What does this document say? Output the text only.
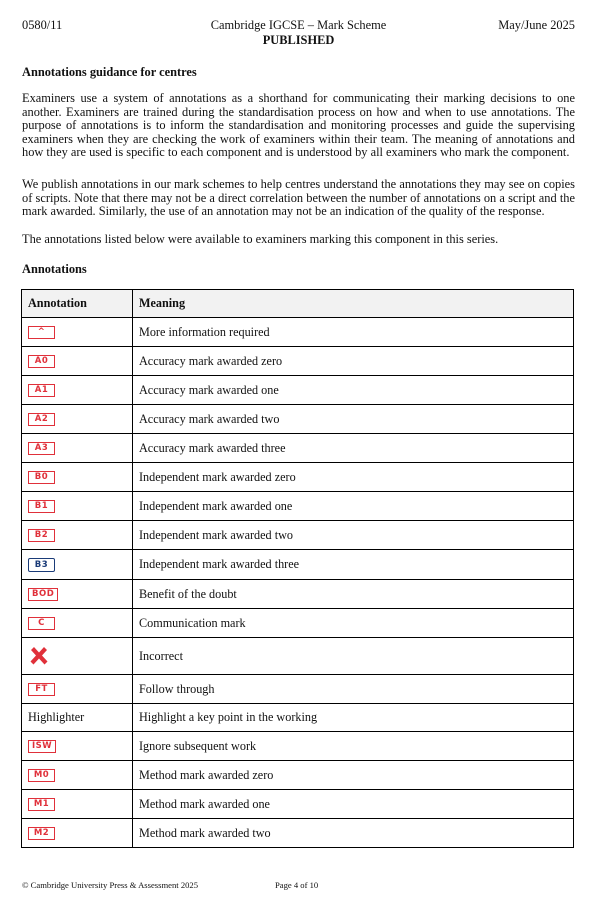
0580/11	Cambridge IGCSE – Mark Scheme
PUBLISHED
May/June 2025
Annotations guidance for centres
Examiners use a system of annotations as a shorthand for communicating their marking decisions to one another. Examiners are trained during the standardisation process on how and when to use annotations. The purpose of annotations is to inform the standardisation and monitoring processes and guide the supervising examiners when they are checking the work of examiners within their team. The meaning of annotations and how they are used is specific to each component and is understood by all examiners who mark the component.
We publish annotations in our mark schemes to help centres understand the annotations they may see on copies of scripts. Note that there may not be a direct correlation between the number of annotations on a script and the mark awarded. Similarly, the use of an annotation may not be an indication of the quality of the response.
The annotations listed below were available to examiners marking this component in this series.
Annotations
Annotation	Meaning
^	More information required
A0	Accuracy mark awarded zero
A1	Accuracy mark awarded one
A2	Accuracy mark awarded two
A3	Accuracy mark awarded three
B0	Independent mark awarded zero
B1	Independent mark awarded one
B2	Independent mark awarded two
B3	Independent mark awarded three
BOD	Benefit of the doubt
C	Communication mark
	Incorrect
FT	Follow through
Highlighter	Highlight a key point in the working
ISW	Ignore subsequent work
M0	Method mark awarded zero
M1	Method mark awarded one
M2	Method mark awarded two
© Cambridge University Press & Assessment 2025	Page 4 of 10
